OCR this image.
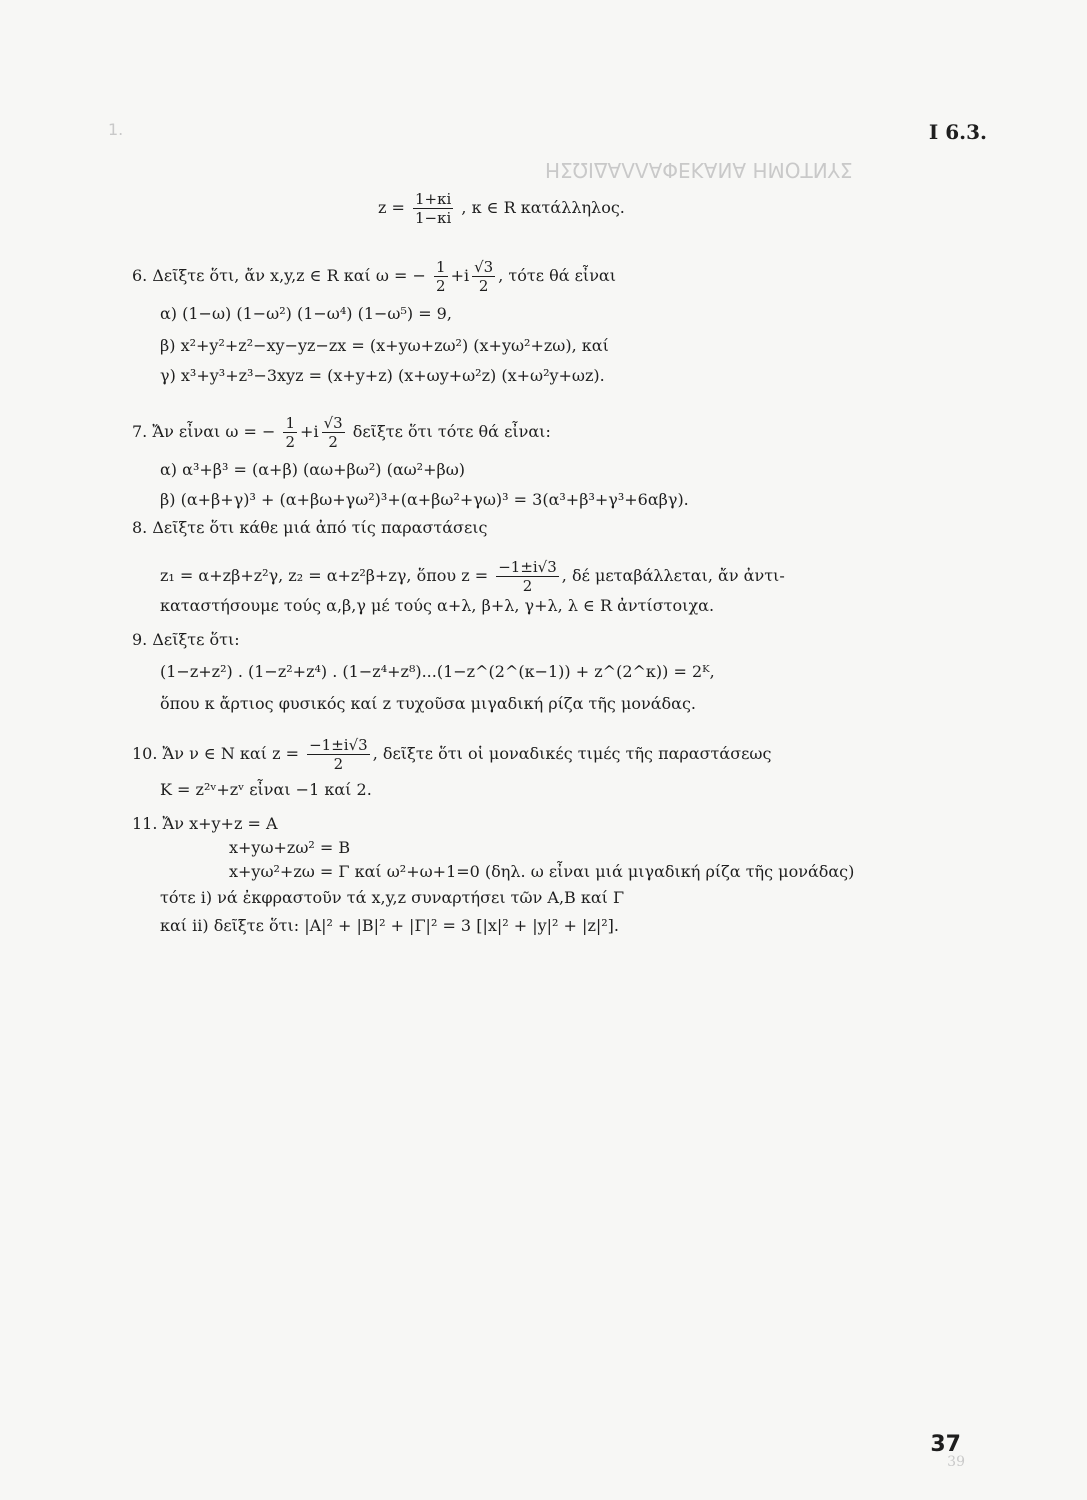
1.
ΗΣΩΙΔΑΛΛΑΦΕΚΑΝΑ ΗΜΟΤΝΥΣ
Ι 6.3.
$z = \frac{1+\kappa i}{1-\kappa i}$ , κ ∈ R κατάλληλος.
6. Δεῖξτε ὅτι, ἄν x,y,z ∈ R καί ω = − $\frac{1}{2} +i \frac{√3}{2}$ , τότε θά εἶναι
α) (1−ω) (1−ω²) (1−ω⁴) (1−ω⁵) = 9,
β) x²+y²+z²−xy−yz−zx = (x+yω+zω²) (x+yω²+zω), καί
γ) x³+y³+z³−3xyz = (x+y+z) (x+ωy+ω²z) (x+ω²y+ωz).
7. Ἄν εἶναι ω = − $\frac{1}{2} +i \frac{√3}{2}$ δεῖξτε ὅτι τότε θά εἶναι:
α) α³+β³ = (α+β) (αω+βω²) (αω²+βω)
β) (α+β+γ)³ + (α+βω+γω²)³+(α+βω²+γω)³ = 3(α³+β³+γ³+6αβγ).
8. Δεῖξτε ὅτι κάθε μιά ἀπό τίς παραστάσεις
z₁ = α+zβ+z²γ, z₂ = α+z²β+zγ, ὅπου $z = \frac{-1\pm i√3}{2}$ , δέ μεταβάλλεται, ἄν ἀντι-
καταστήσουμε τούς α,β,γ μέ τούς α+λ, β+λ, γ+λ, λ ∈ R ἀντίστοιχα.
9. Δεῖξτε ὅτι:
(1−z+z²) . (1−z²+z⁴) . (1−z⁴+z⁸)...(1−z^(2^(κ−1)) + z^(2^κ)) = 2ᴷ,
ὅπου κ ἄρτιος φυσικός καί z τυχοῦσα μιγαδική ρίζα τῆς μονάδας.
10. Ἄν ν ∈ N καί $z = \frac{-1\pm i√3}{2}$ , δεῖξτε ὅτι οἱ μοναδικές τιμές τῆς παραστάσεως
Κ = z²ᵛ+zᵛ εἶναι −1 καί 2.
11. Ἄν x+y+z = A
x+yω+zω² = B
x+yω²+zω = Γ καί ω²+ω+1=0 (δηλ. ω εἶναι μιά μιγαδική ρίζα τῆς μονάδας)
τότε i) νά ἐκφραστοῦν τά x,y,z συναρτήσει τῶν Α,Β καί Γ
καί ii) δεῖξτε ὅτι: |A|² + |B|² + |Γ|² = 3 [|x|² + |y|² + |z|²].
37
39
